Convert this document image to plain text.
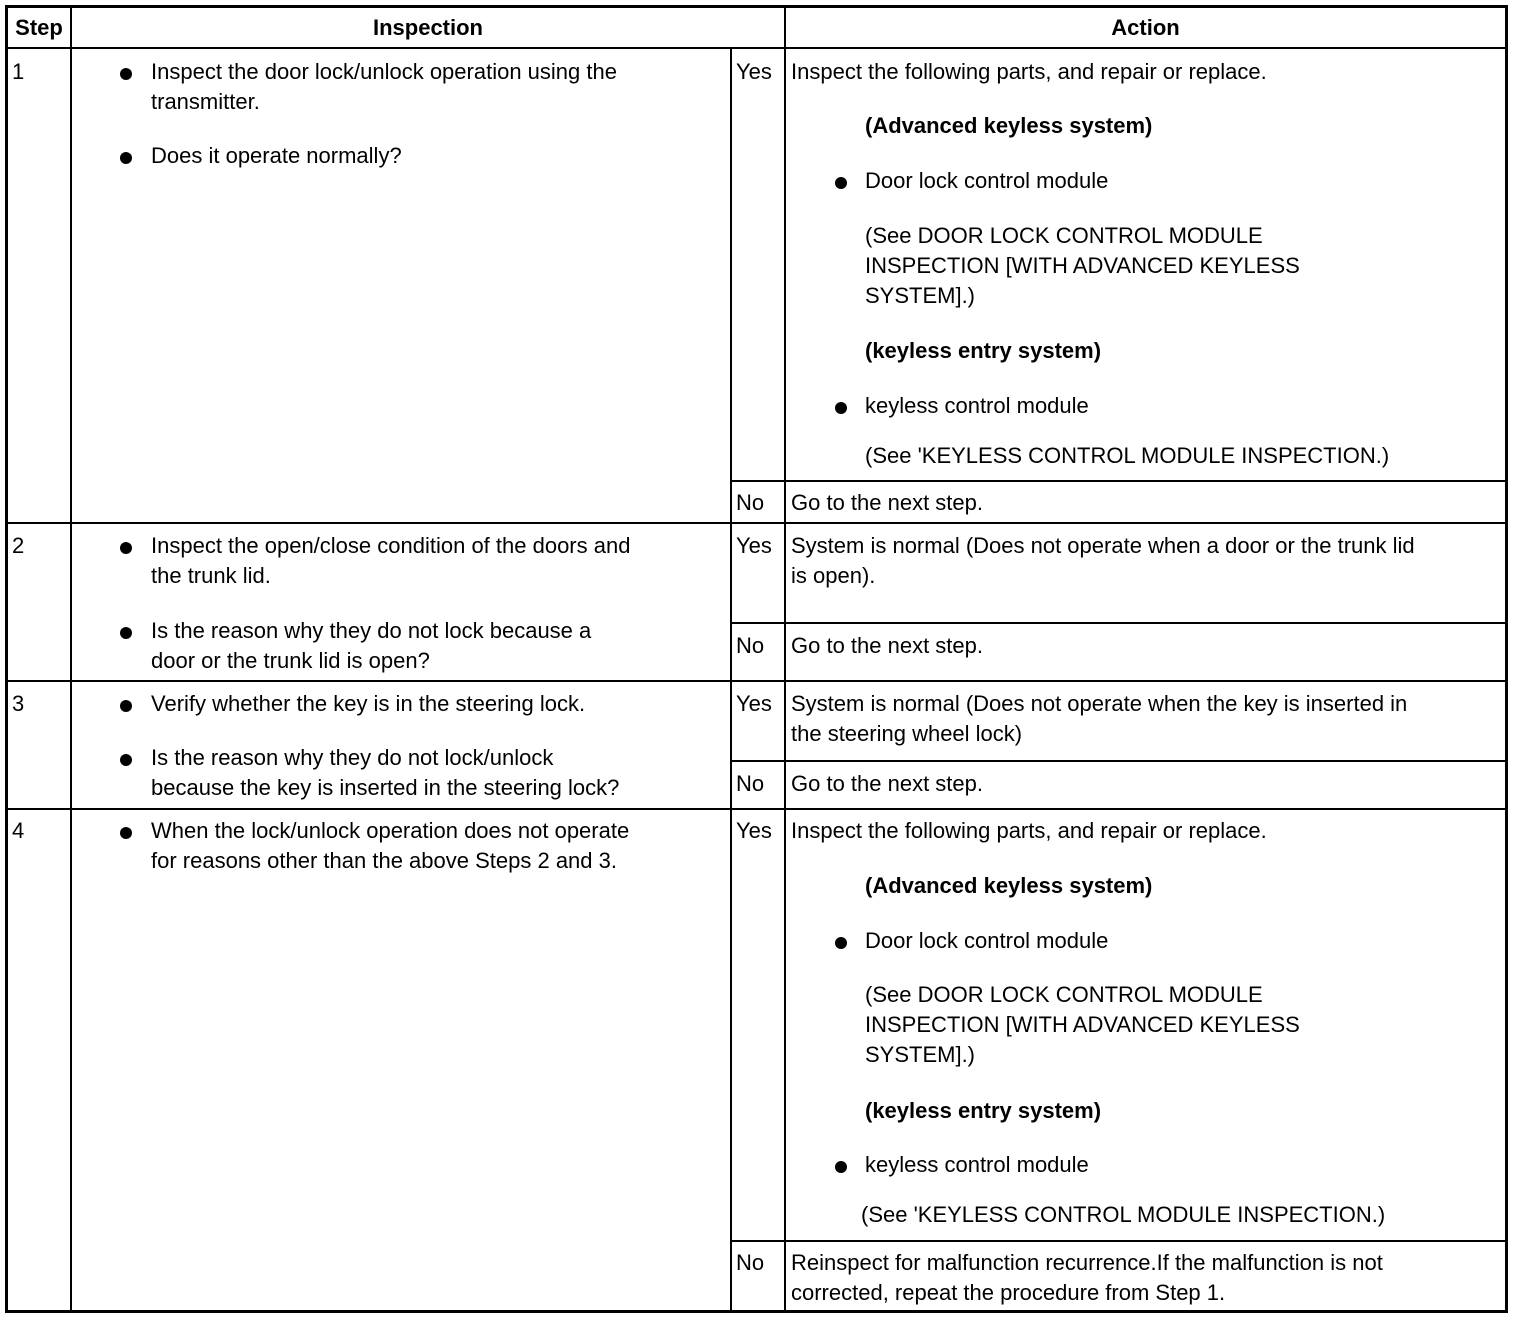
Step	Inspection	Action
1	Inspect the door lock/unlock operation using the
transmitter.
Does it operate normally?
Yes Inspect the following parts, and repair or replace.
(Advanced keyless system)
Door lock control module
(See DOOR LOCK CONTROL MODULE
INSPECTION [WITH ADVANCED KEYLESS
SYSTEM].)
(keyless entry system)
keyless control module
(See 'KEYLESS CONTROL MODULE INSPECTION.)
No Go to the next step.
2	Inspect the open/close condition of the doors and
the trunk lid.
Is the reason why they do not lock because a
door or the trunk lid is open?
Yes System is normal (Does not operate when a door or the trunk lid
is open).
No Go to the next step.
3	Verify whether the key is in the steering lock.
Is the reason why they do not lock/unlock
because the key is inserted in the steering lock?
Yes System is normal (Does not operate when the key is inserted in
the steering wheel lock)
No Go to the next step.
4	When the lock/unlock operation does not operate
for reasons other than the above Steps 2 and 3.
Yes Inspect the following parts, and repair or replace.
(Advanced keyless system)
Door lock control module
(See DOOR LOCK CONTROL MODULE
INSPECTION [WITH ADVANCED KEYLESS
SYSTEM].)
(keyless entry system)
keyless control module
(See 'KEYLESS CONTROL MODULE INSPECTION.)
No Reinspect for malfunction recurrence.If the malfunction is not
corrected, repeat the procedure from Step 1.
